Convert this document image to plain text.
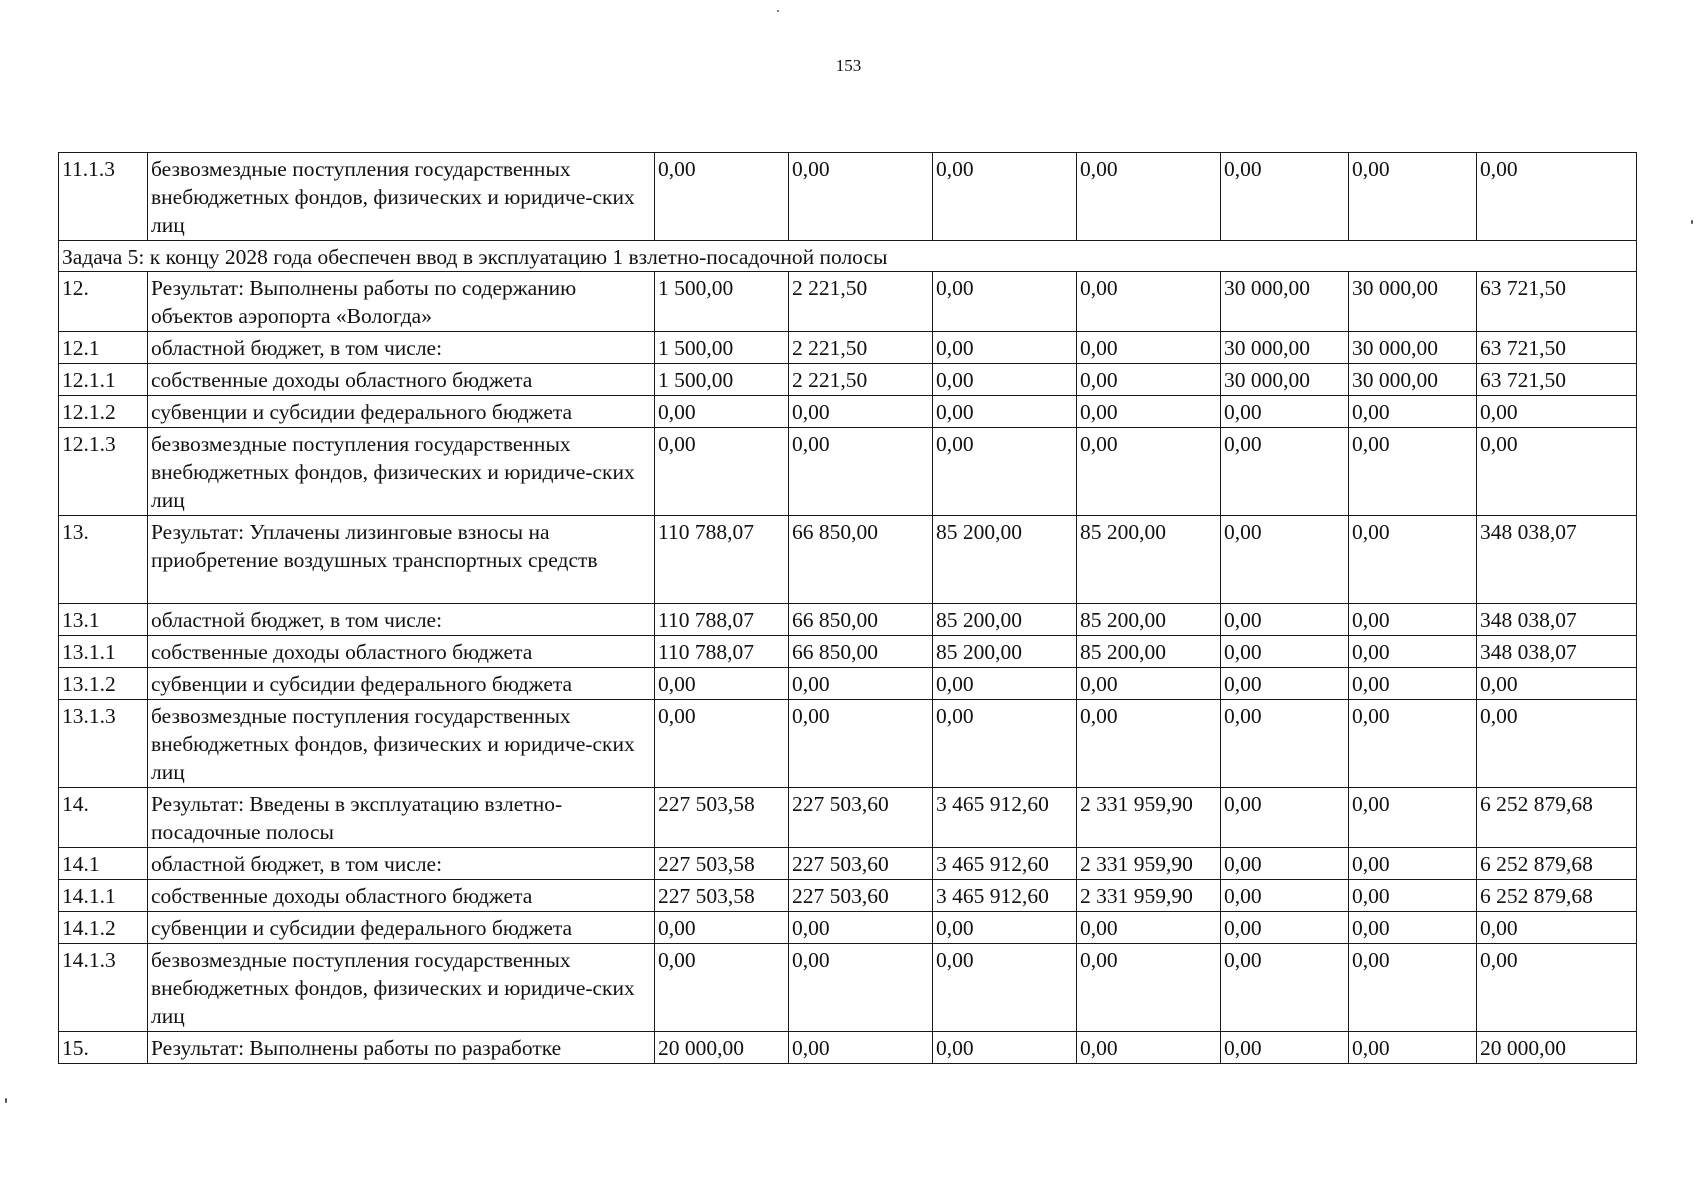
153
11.1.3	безвозмездные поступления государственных внебюджетных фондов, физических и юридиче-ских лиц	0,00	0,00	0,00	0,00	0,00	0,00	0,00
Задача 5: к концу 2028 года обеспечен ввод в эксплуатацию 1 взлетно-посадочной полосы								
12.	Результат: Выполнены работы по содержанию объектов аэропорта «Вологда»	1 500,00	2 221,50	0,00	0,00	30 000,00	30 000,00	63 721,50
12.1	областной бюджет, в том числе:	1 500,00	2 221,50	0,00	0,00	30 000,00	30 000,00	63 721,50
12.1.1	собственные доходы областного бюджета	1 500,00	2 221,50	0,00	0,00	30 000,00	30 000,00	63 721,50
12.1.2	субвенции и субсидии федерального бюджета	0,00	0,00	0,00	0,00	0,00	0,00	0,00
12.1.3	безвозмездные поступления государственных внебюджетных фондов, физических и юридиче-ских лиц	0,00	0,00	0,00	0,00	0,00	0,00	0,00
13.	Результат: Уплачены лизинговые взносы на приобретение воздушных транспортных средств	110 788,07	66 850,00	85 200,00	85 200,00	0,00	0,00	348 038,07
13.1	областной бюджет, в том числе:	110 788,07	66 850,00	85 200,00	85 200,00	0,00	0,00	348 038,07
13.1.1	собственные доходы областного бюджета	110 788,07	66 850,00	85 200,00	85 200,00	0,00	0,00	348 038,07
13.1.2	субвенции и субсидии федерального бюджета	0,00	0,00	0,00	0,00	0,00	0,00	0,00
13.1.3	безвозмездные поступления государственных внебюджетных фондов, физических и юридиче-ских лиц	0,00	0,00	0,00	0,00	0,00	0,00	0,00
14.	Результат: Введены в эксплуатацию взлетно-посадочные полосы	227 503,58	227 503,60	3 465 912,60	2 331 959,90	0,00	0,00	6 252 879,68
14.1	областной бюджет, в том числе:	227 503,58	227 503,60	3 465 912,60	2 331 959,90	0,00	0,00	6 252 879,68
14.1.1	собственные доходы областного бюджета	227 503,58	227 503,60	3 465 912,60	2 331 959,90	0,00	0,00	6 252 879,68
14.1.2	субвенции и субсидии федерального бюджета	0,00	0,00	0,00	0,00	0,00	0,00	0,00
14.1.3	безвозмездные поступления государственных внебюджетных фондов, физических и юридиче-ских лиц	0,00	0,00	0,00	0,00	0,00	0,00	0,00
15.	Результат: Выполнены работы по разработке	20 000,00	0,00	0,00	0,00	0,00	0,00	20 000,00
